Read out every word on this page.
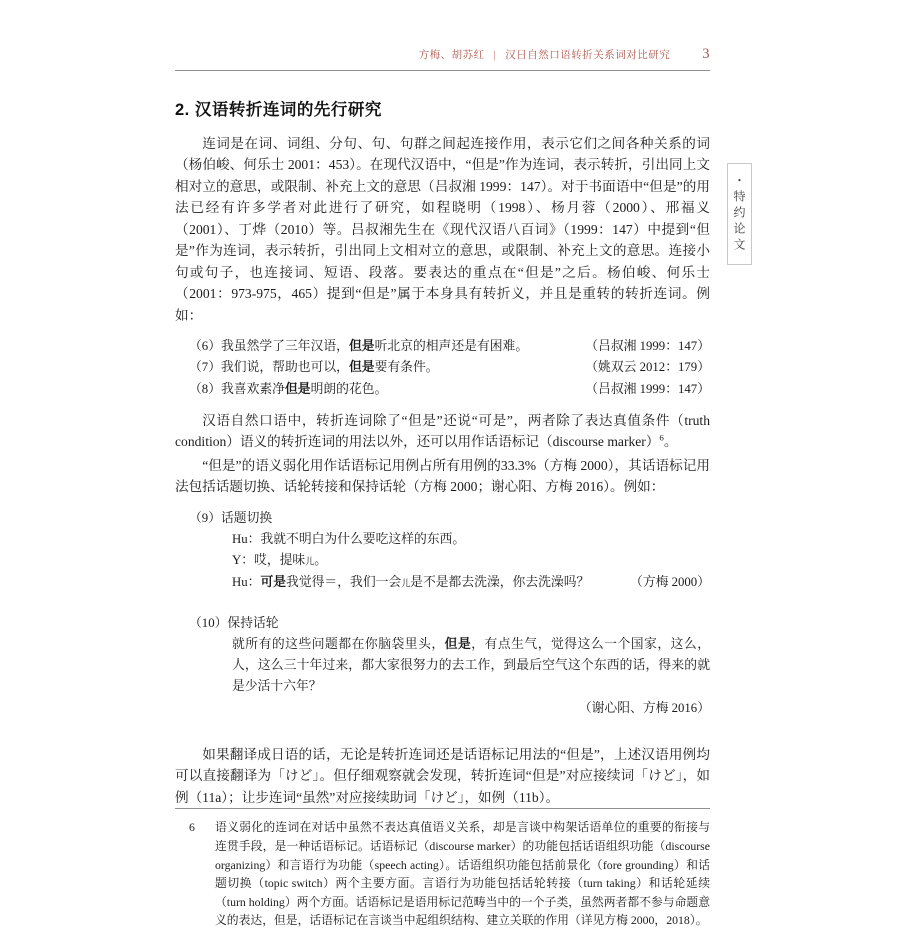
・特约论文
方梅、胡苏红 | 汉日自然口语转折关系词对比研究 3
2. 汉语转折连词的先行研究

连词是在词、词组、分句、句、句群之间起连接作用，表示它们之间各种关系的词（杨伯峻、何乐士 2001：453）。在现代汉语中，“但是”作为连词，表示转折，引出同上文相对立的意思，或限制、补充上文的意思（吕叔湘 1999：147）。对于书面语中“但是”的用法已经有许多学者对此进行了研究，如程晓明（1998）、杨月蓉（2000）、邢福义（2001）、丁烨（2010）等。吕叔湘先生在《现代汉语八百词》（1999：147）中提到“但是”作为连词，表示转折，引出同上文相对立的意思，或限制、补充上文的意思。连接小句或句子，也连接词、短语、段落。要表达的重点在“但是”之后。杨伯峻、何乐士（2001：973-975，465）提到“但是”属于本身具有转折义，并且是重转的转折连词。例如：

（6）我虽然学了三年汉语，但是听北京的相声还是有困难。	（吕叔湘 1999：147）
（7）我们说，帮助也可以，但是要有条件。	（姚双云 2012：179）
（8）我喜欢素净但是明朗的花色。	（吕叔湘 1999：147）

汉语自然口语中，转折连词除了“但是”还说“可是”，两者除了表达真值条件（truth condition）语义的转折连词的用法以外，还可以用作话语标记（discourse marker）$^6$。

“但是”的语义弱化用作话语标记用例占所有用例的33.3%（方梅 2000），其话语标记用法包括话题切换、话轮转接和保持话轮（方梅 2000；谢心阳、方梅 2016）。例如：

（9）话题切换
Hu：我就不明白为什么要吃这样的东西。
Y：哎，提味儿。
Hu：可是我觉得＝，我们一会儿是不是都去洗澡，你去洗澡吗？	（方梅 2000）
（10）保持话轮
就所有的这些问题都在你脑袋里头，但是，有点生气，觉得这么一个国家，这么，人，这么三十年过来，都大家很努力的去工作，到最后空气这个东西的话，得来的就是少活十六年？
（谢心阳、方梅 2016）

如果翻译成日语的话，无论是转折连词还是话语标记用法的“但是”，上述汉语用例均可以直接翻译为「けど」。但仔细观察就会发现，转折连词“但是”对应接续词「けど」，如例（11a）；让步连词“虽然”对应接续助词「けど」，如例（11b）。

6	语义弱化的连词在对话中虽然不表达真值语义关系，却是言谈中构架话语单位的重要的衔接与连贯手段，是一种话语标记。话语标记（discourse marker）的功能包括话语组织功能（discourse organizing）和言语行为功能（speech acting）。话语组织功能包括前景化（fore grounding）和话题切换（topic switch）两个主要方面。言语行为功能包括话轮转接（turn taking）和话轮延续（turn holding）两个方面。话语标记是语用标记范畴当中的一个子类，虽然两者都不参与命题意义的表达，但是，话语标记在言谈当中起组织结构、建立关联的作用（详见方梅 2000，2018）。
